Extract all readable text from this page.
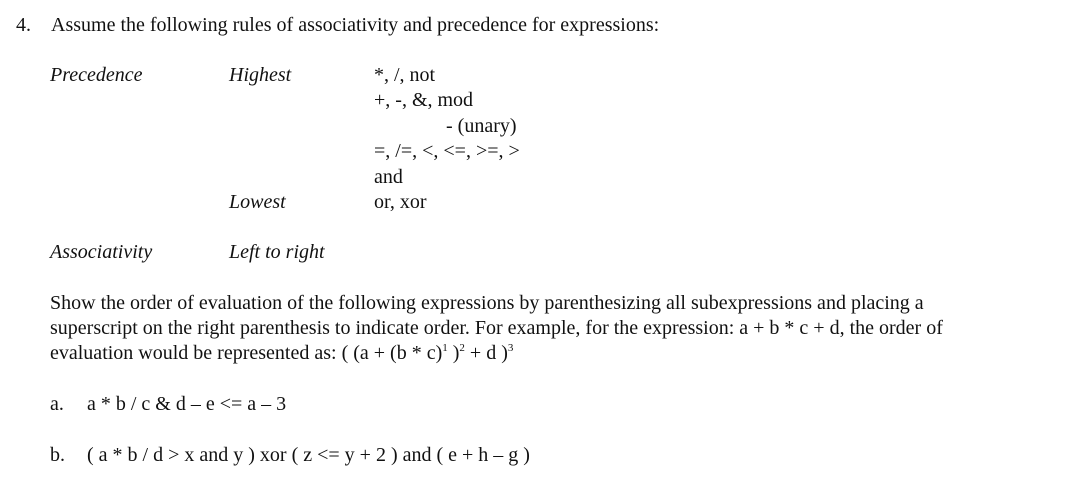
4. Assume the following rules of associativity and precedence for expressions:
Precedence	Highest
Lowest
*, /, not
+, -, &, mod
- (unary)
=, /=, <, <=, >=, >
and
or, xor
Associativity	Left to right
Show the order of evaluation of the following expressions by parenthesizing all subexpressions and placing a
superscript on the right parenthesis to indicate order. For example, for the expression: a + b * c + d, the order of
evaluation would be represented as: ( (a + (b * c)$^1$ )$^2$ + d )$^3$
a. a * b / c & d – e <= a – 3
b. ( a * b / d > x and y ) xor ( z <= y + 2 ) and ( e + h – g )
